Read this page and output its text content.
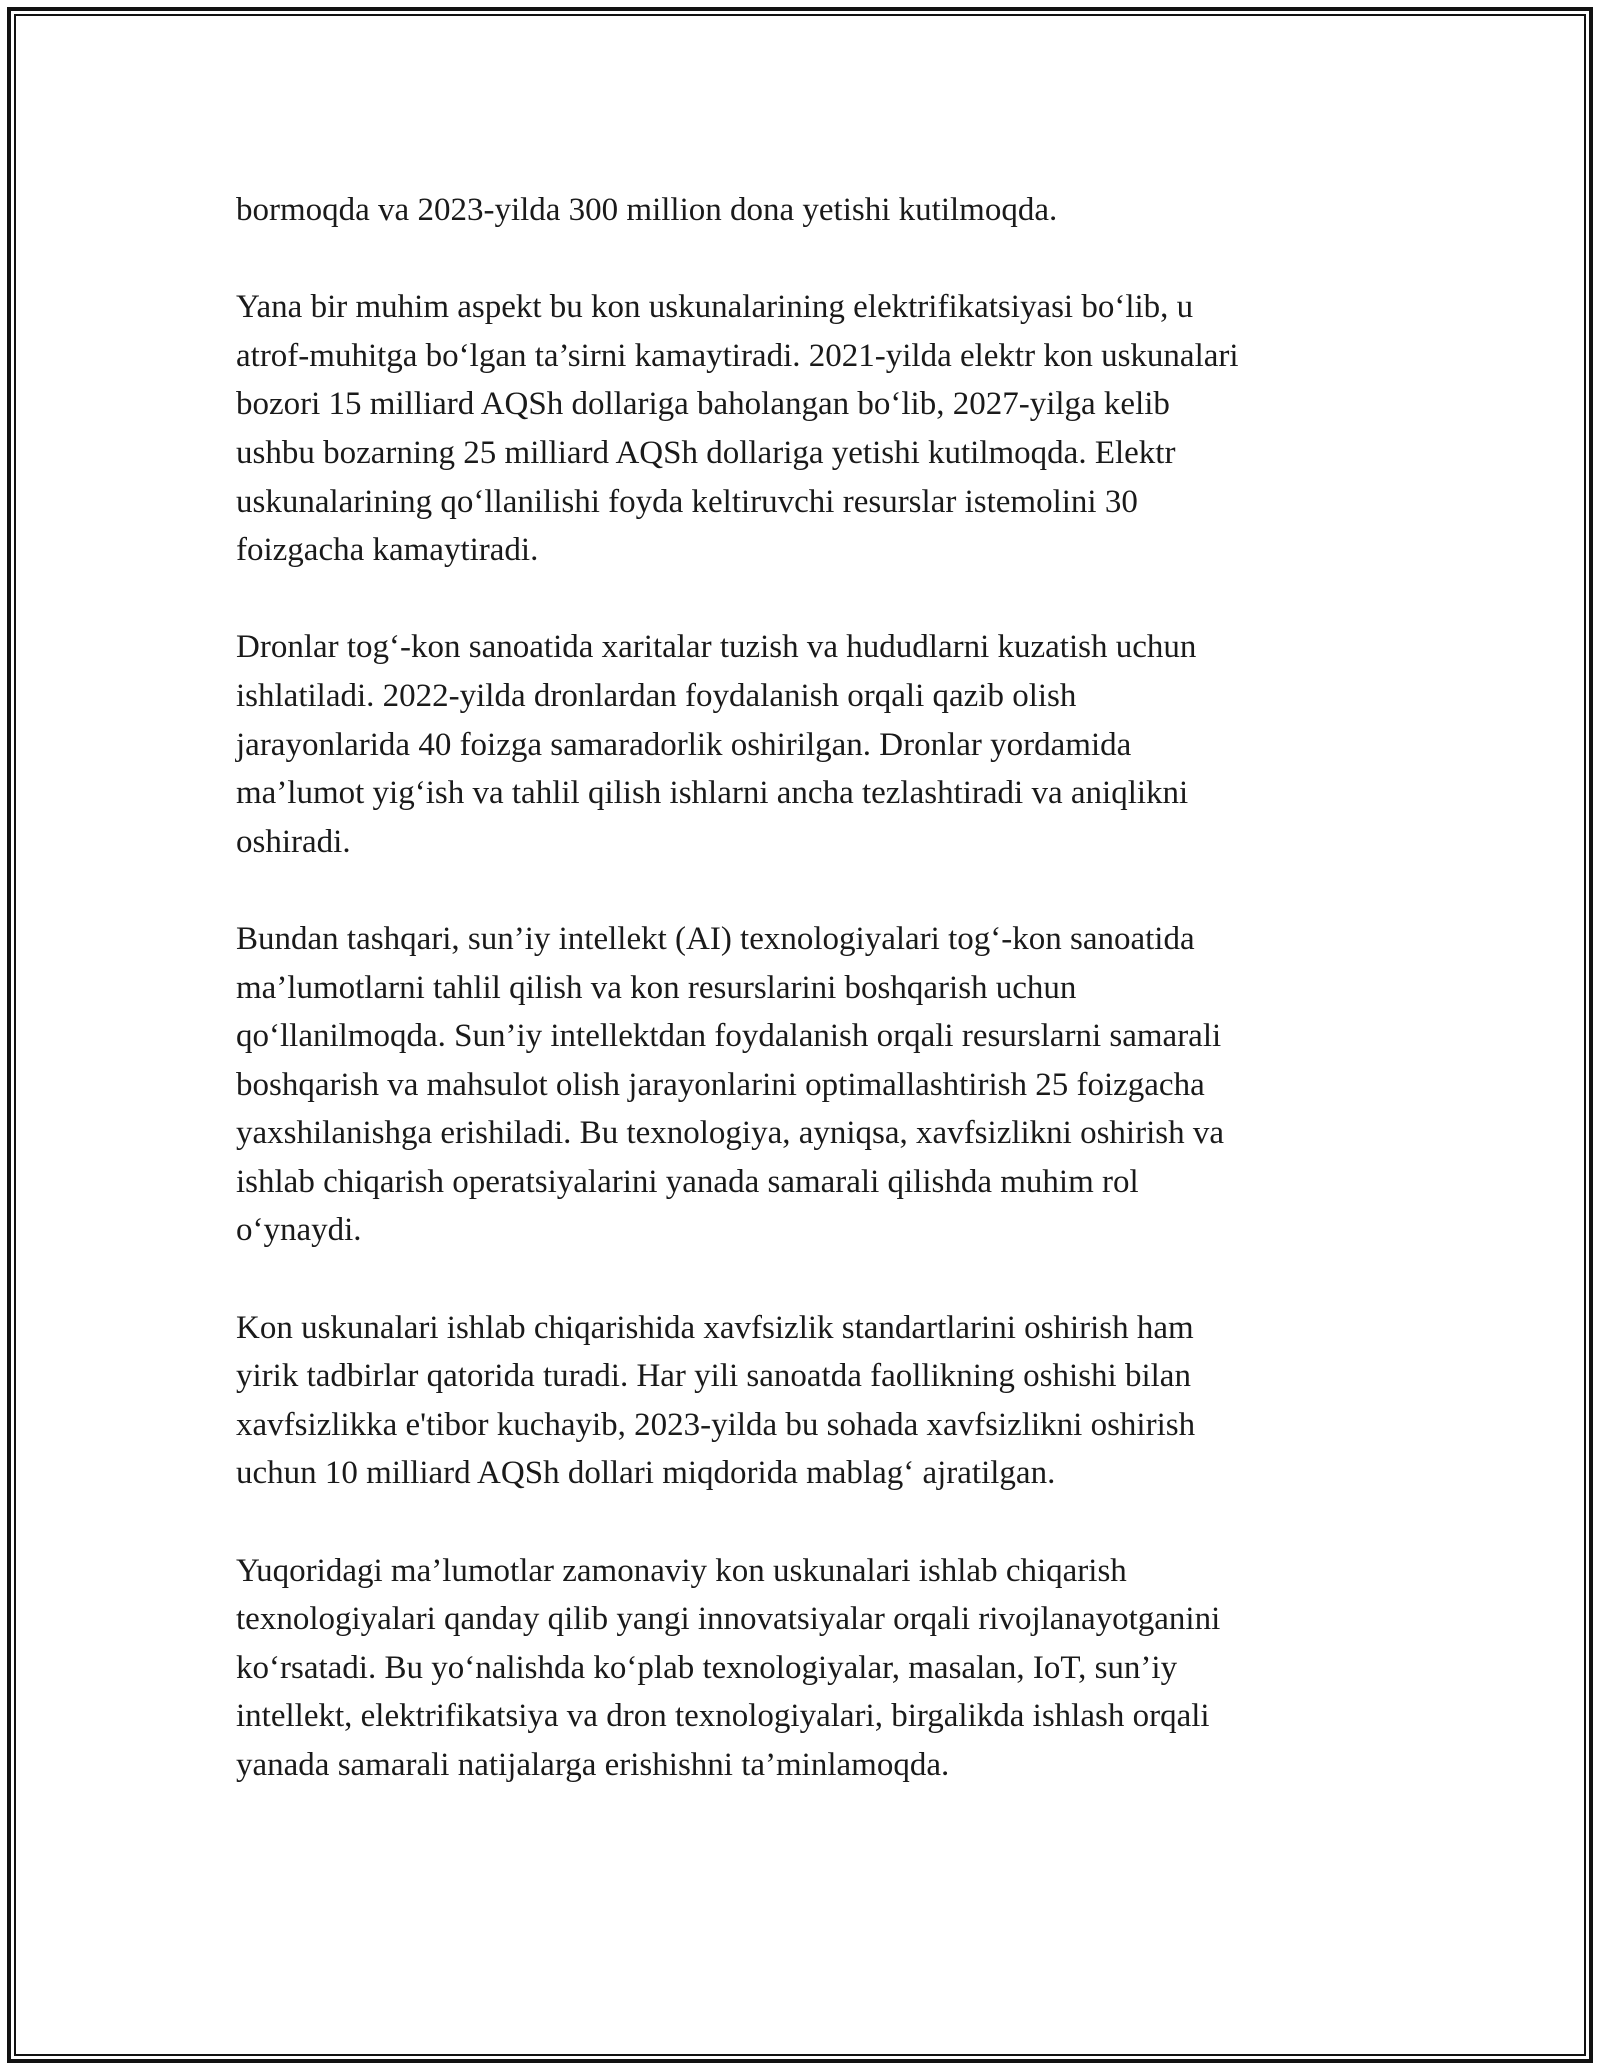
bormoqda va 2023-yilda 300 million dona yetishi kutilmoqda.

Yana bir muhim aspekt bu kon uskunalarining elektrifikatsiyasi bo‘lib, u
atrof-muhitga bo‘lgan ta’sirni kamaytiradi. 2021-yilda elektr kon uskunalari
bozori 15 milliard AQSh dollariga baholangan bo‘lib, 2027-yilga kelib
ushbu bozarning 25 milliard AQSh dollariga yetishi kutilmoqda. Elektr
uskunalarining qo‘llanilishi foyda keltiruvchi resurslar istemolini 30
foizgacha kamaytiradi.

Dronlar tog‘-kon sanoatida xaritalar tuzish va hududlarni kuzatish uchun
ishlatiladi. 2022-yilda dronlardan foydalanish orqali qazib olish
jarayonlarida 40 foizga samaradorlik oshirilgan. Dronlar yordamida
ma’lumot yig‘ish va tahlil qilish ishlarni ancha tezlashtiradi va aniqlikni
oshiradi.

Bundan tashqari, sun’iy intellekt (AI) texnologiyalari tog‘-kon sanoatida
ma’lumotlarni tahlil qilish va kon resurslarini boshqarish uchun
qo‘llanilmoqda. Sun’iy intellektdan foydalanish orqali resurslarni samarali
boshqarish va mahsulot olish jarayonlarini optimallashtirish 25 foizgacha
yaxshilanishga erishiladi. Bu texnologiya, ayniqsa, xavfsizlikni oshirish va
ishlab chiqarish operatsiyalarini yanada samarali qilishda muhim rol
o‘ynaydi.

Kon uskunalari ishlab chiqarishida xavfsizlik standartlarini oshirish ham
yirik tadbirlar qatorida turadi. Har yili sanoatda faollikning oshishi bilan
xavfsizlikka e'tibor kuchayib, 2023-yilda bu sohada xavfsizlikni oshirish
uchun 10 milliard AQSh dollari miqdorida mablag‘ ajratilgan.

Yuqoridagi ma’lumotlar zamonaviy kon uskunalari ishlab chiqarish
texnologiyalari qanday qilib yangi innovatsiyalar orqali rivojlanayotganini
ko‘rsatadi. Bu yo‘nalishda ko‘plab texnologiyalar, masalan, IoT, sun’iy
intellekt, elektrifikatsiya va dron texnologiyalari, birgalikda ishlash orqali
yanada samarali natijalarga erishishni ta’minlamoqda.
